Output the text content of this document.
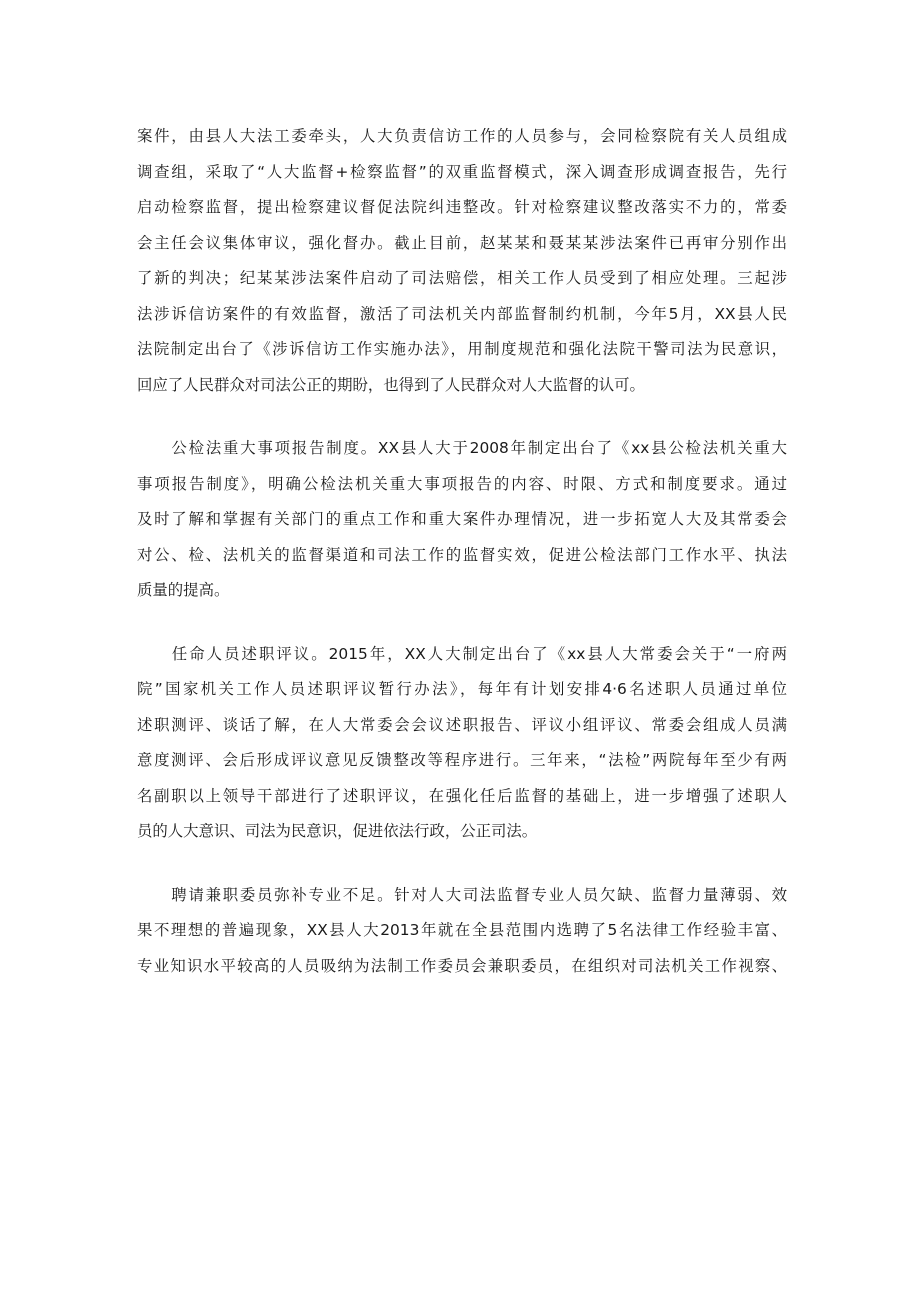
案件，由县人大法工委牵头，人大负责信访工作的人员参与，会同检察院有关人员组成
调查组，采取了“人大监督+检察监督”的双重监督模式，深入调查形成调查报告，先行
启动检察监督，提出检察建议督促法院纠违整改。针对检察建议整改落实不力的，常委
会主任会议集体审议，强化督办。截止目前，赵某某和聂某某涉法案件已再审分别作出
了新的判决；纪某某涉法案件启动了司法赔偿，相关工作人员受到了相应处理。三起涉
法涉诉信访案件的有效监督，激活了司法机关内部监督制约机制，今年5月，XX县人民
法院制定出台了《涉诉信访工作实施办法》，用制度规范和强化法院干警司法为民意识，
回应了人民群众对司法公正的期盼，也得到了人民群众对人大监督的认可。
　　公检法重大事项报告制度。XX县人大于2008年制定出台了《xx县公检法机关重大
事项报告制度》，明确公检法机关重大事项报告的内容、时限、方式和制度要求。通过
及时了解和掌握有关部门的重点工作和重大案件办理情况，进一步拓宽人大及其常委会
对公、检、法机关的监督渠道和司法工作的监督实效，促进公检法部门工作水平、执法
质量的提高。
　　任命人员述职评议。2015年，XX人大制定出台了《xx县人大常委会关于“一府两
院”国家机关工作人员述职评议暂行办法》，每年有计划安排4·6名述职人员通过单位
述职测评、谈话了解，在人大常委会会议述职报告、评议小组评议、常委会组成人员满
意度测评、会后形成评议意见反馈整改等程序进行。三年来，“法检”两院每年至少有两
名副职以上领导干部进行了述职评议，在强化任后监督的基础上，进一步增强了述职人
员的人大意识、司法为民意识，促进依法行政，公正司法。
　　聘请兼职委员弥补专业不足。针对人大司法监督专业人员欠缺、监督力量薄弱、效
果不理想的普遍现象，XX县人大2013年就在全县范围内选聘了5名法律工作经验丰富、
专业知识水平较高的人员吸纳为法制工作委员会兼职委员，在组织对司法机关工作视察、
